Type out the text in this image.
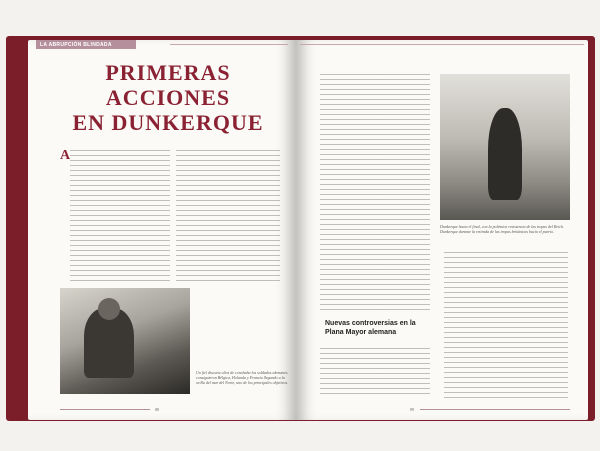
LA ABRUPCIÓN BLINDADA
PRIMERAS
ACCIONES
EN DUNKERQUE
A
Un fiel discurso dios de conchaba los soldados alemanes consiguieron Bélgica, Holanda y Francia llegando a la orilla del mar del Norte, uno de los principales objetivos.
Dunkerque hacia el final, con la polémica resistencia de las tropas del Reich. Dunkerque durante la retirada de las tropas británicas hacia el puerto.
Nuevas controversias en la Plana Mayor alemana
88	89
